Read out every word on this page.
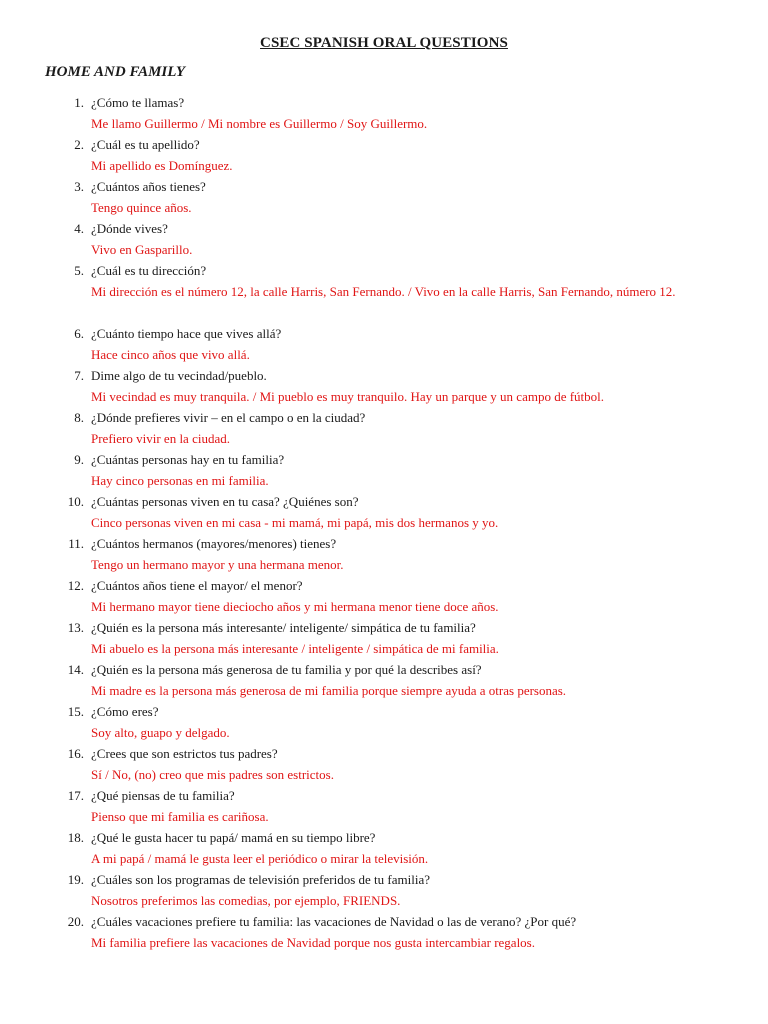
CSEC SPANISH ORAL QUESTIONS
HOME AND FAMILY
1. ¿Cómo te llamas?
Me llamo Guillermo / Mi nombre es Guillermo / Soy Guillermo.
2. ¿Cuál es tu apellido?
Mi apellido es Domínguez.
3. ¿Cuántos años tienes?
Tengo quince años.
4. ¿Dónde vives?
Vivo en Gasparillo.
5. ¿Cuál es tu dirección?
Mi dirección es el número 12, la calle Harris, San Fernando. / Vivo en la calle Harris, San Fernando, número 12.
6. ¿Cuánto tiempo hace que vives allá?
Hace cinco años que vivo allá.
7. Dime algo de tu vecindad/pueblo.
Mi vecindad es muy tranquila. / Mi pueblo es muy tranquilo. Hay un parque y un campo de fútbol.
8. ¿Dónde prefieres vivir – en el campo o en la ciudad?
Prefiero vivir en la ciudad.
9. ¿Cuántas personas hay en tu familia?
Hay cinco personas en mi familia.
10. ¿Cuántas personas viven en tu casa? ¿Quiénes son?
Cinco personas viven en mi casa - mi mamá, mi papá, mis dos hermanos y yo.
11. ¿Cuántos hermanos (mayores/menores) tienes?
Tengo un hermano mayor y una hermana menor.
12. ¿Cuántos años tiene el mayor/ el menor?
Mi hermano mayor tiene dieciocho años y mi hermana menor tiene doce años.
13. ¿Quién es la persona más interesante/ inteligente/ simpática de tu familia?
Mi abuelo es la persona más interesante / inteligente / simpática de mi familia.
14. ¿Quién es la persona más generosa de tu familia y por qué la describes así?
Mi madre es la persona más generosa de mi familia porque siempre ayuda a otras personas.
15. ¿Cómo eres?
Soy alto, guapo y delgado.
16. ¿Crees que son estrictos tus padres?
Sí / No, (no) creo que mis padres son estrictos.
17. ¿Qué piensas de tu familia?
Pienso que mi familia es cariñosa.
18. ¿Qué le gusta hacer tu papá/ mamá en su tiempo libre?
A mi papá / mamá le gusta leer el periódico o mirar la televisión.
19. ¿Cuáles son los programas de televisión preferidos de tu familia?
Nosotros preferimos las comedias, por ejemplo, FRIENDS.
20. ¿Cuáles vacaciones prefiere tu familia: las vacaciones de Navidad o las de verano? ¿Por qué?
Mi familia prefiere las vacaciones de Navidad porque nos gusta intercambiar regalos.
